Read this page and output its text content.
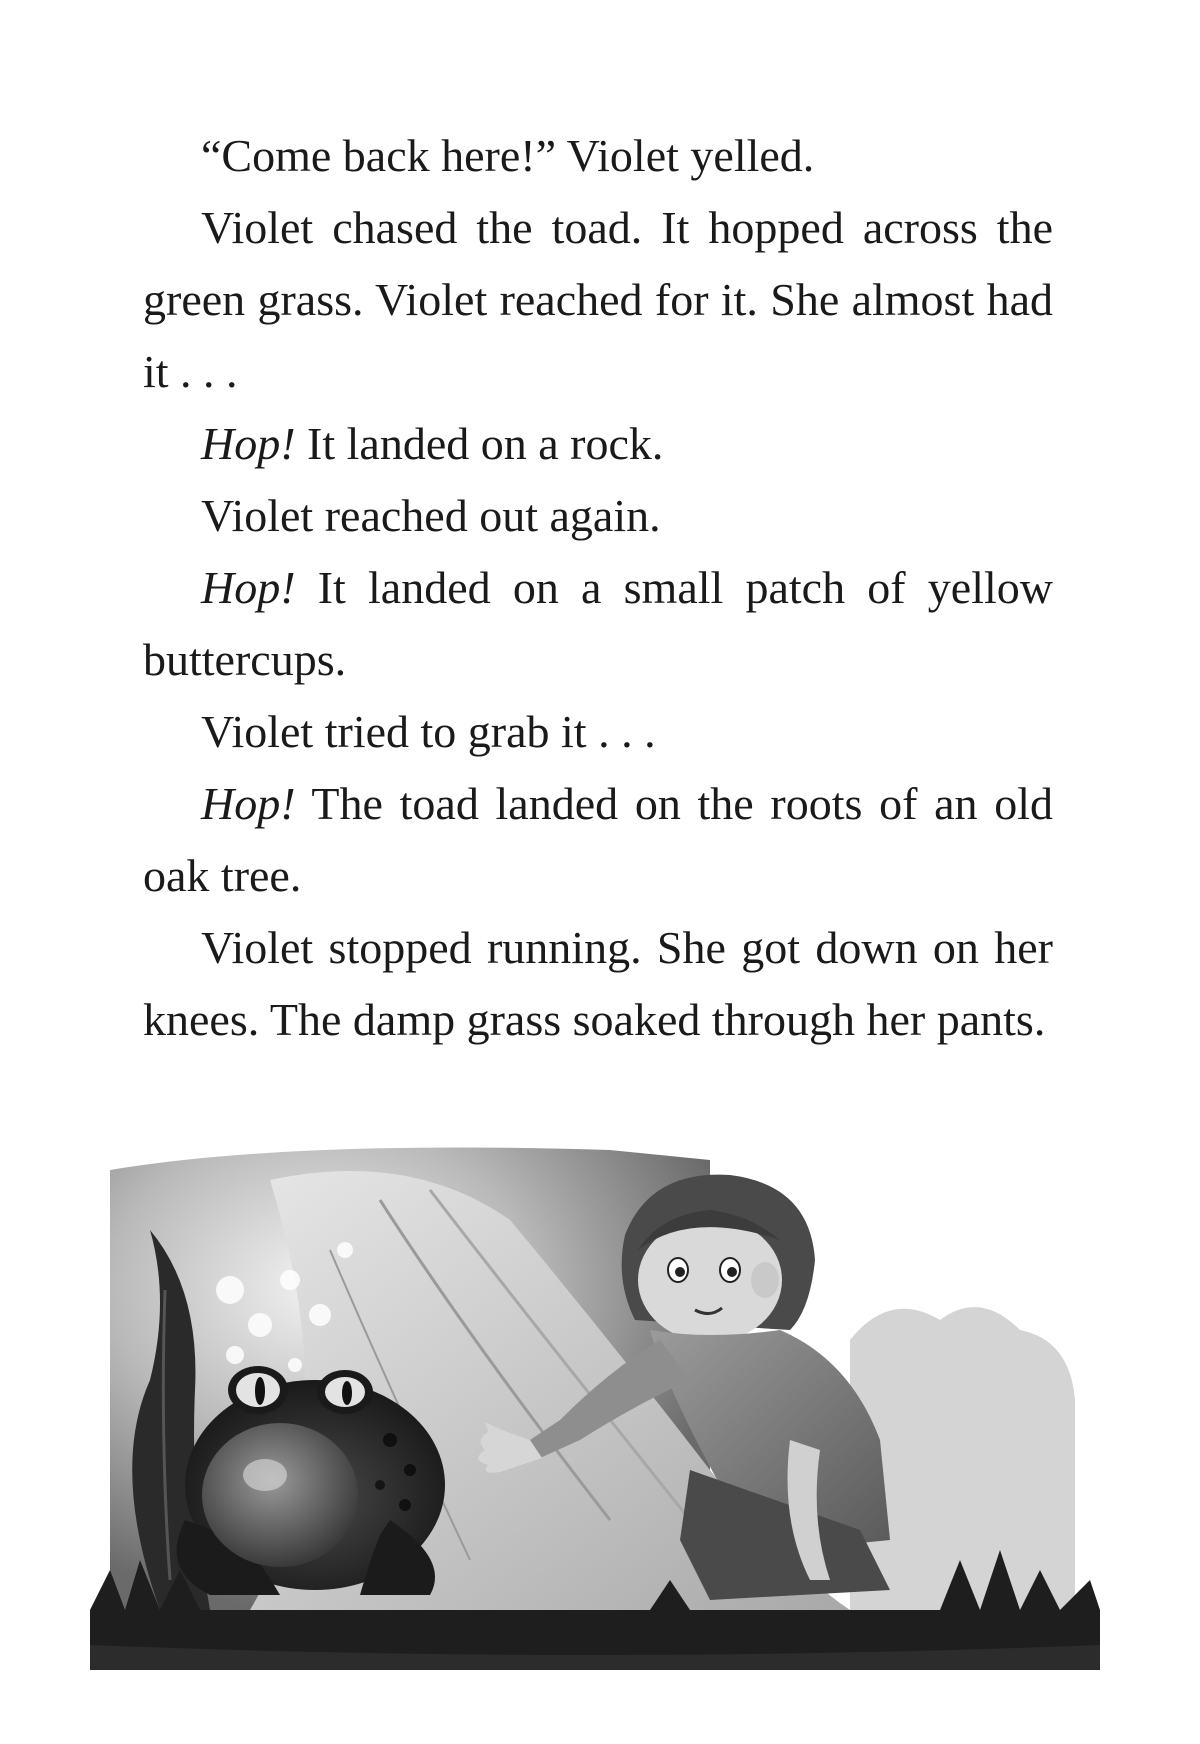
“Come back here!” Violet yelled.

Violet chased the toad. It hopped across the green grass. Violet reached for it. She almost had it . . .

Hop! It landed on a rock.

Violet reached out again.

Hop! It landed on a small patch of yellow buttercups.

Violet tried to grab it . . .

Hop! The toad landed on the roots of an old oak tree.

Violet stopped running. She got down on her knees. The damp grass soaked through her pants.
